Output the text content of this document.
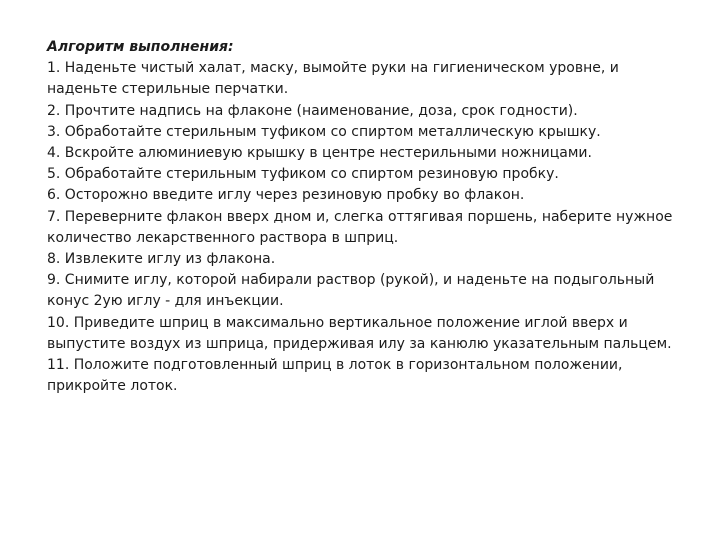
Алгоритм выполнения:
1. Наденьте чистый халат, маску, вымойте руки на гигиеническом уровне, и наденьте стерильные перчатки.
2. Прочтите надпись на флаконе (наименование, доза, срок годности).
3. Обработайте стерильным туфиком со спиртом металлическую крышку.
4. Вскройте алюминиевую крышку в центре нестерильными ножницами.
5. Обработайте стерильным туфиком со спиртом резиновую пробку.
6. Осторожно введите иглу через резиновую пробку во флакон.
7. Переверните флакон вверх дном и, слегка оттягивая поршень, наберите нужное количество лекарственного раствора в шприц.
8. Извлеките иглу из флакона.
9. Снимите иглу, которой набирали раствор (рукой), и наденьте на подыгольный конус 2ую иглу - для инъекции.
10. Приведите шприц в максимально вертикальное положение иглой вверх и выпустите воздух из шприца, придерживая илу за канюлю указательным пальцем.
11. Положите подготовленный шприц в лоток в горизонтальном положении, прикройте лоток.
